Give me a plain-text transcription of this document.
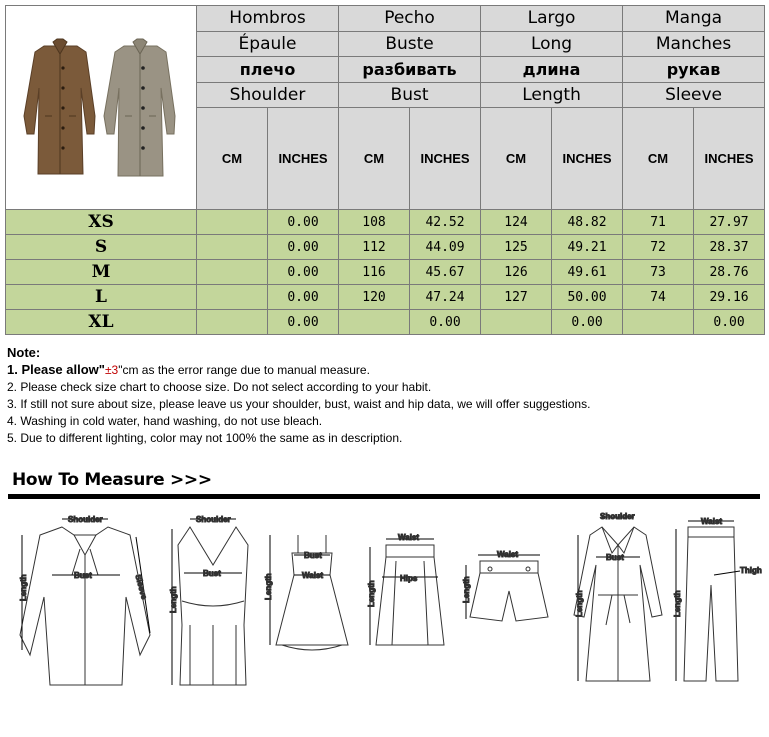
	Hombros		Pecho		Largo		Manga	
	Épaule		Buste		Long		Manches	
	плечо		разбивать		длина		рукав	
	Shoulder		Bust		Length		Sleeve	
	CM	INCHES	CM	INCHES	CM	INCHES	CM	INCHES
XS		0.00	108	42.52	124	48.82	71	27.97
S		0.00	112	44.09	125	49.21	72	28.37
M		0.00	116	45.67	126	49.61	73	28.76
L		0.00	120	47.24	127	50.00	74	29.16
XL		0.00		0.00		0.00		0.00
Note:
1. Please allow"±3"cm as the error range due to manual measure.
2. Please check size chart to choose size. Do not select according to your habit.
3. If still not sure about size, please leave us your shoulder, bust, waist and hip data, we will offer suggestions.
4. Washing in cold water, hand washing, do not use bleach.
5. Due to different lighting, color may not 100% the same as in description.
How To Measure >>>
Shoulder
Length	Bust	Sleeve
Shoulder
Bust
Length
Bust
Waist
Length
Waist
Hips
Length
Waist
Length
Shoulder
Bust
Length
Waist
Thigh
Length
